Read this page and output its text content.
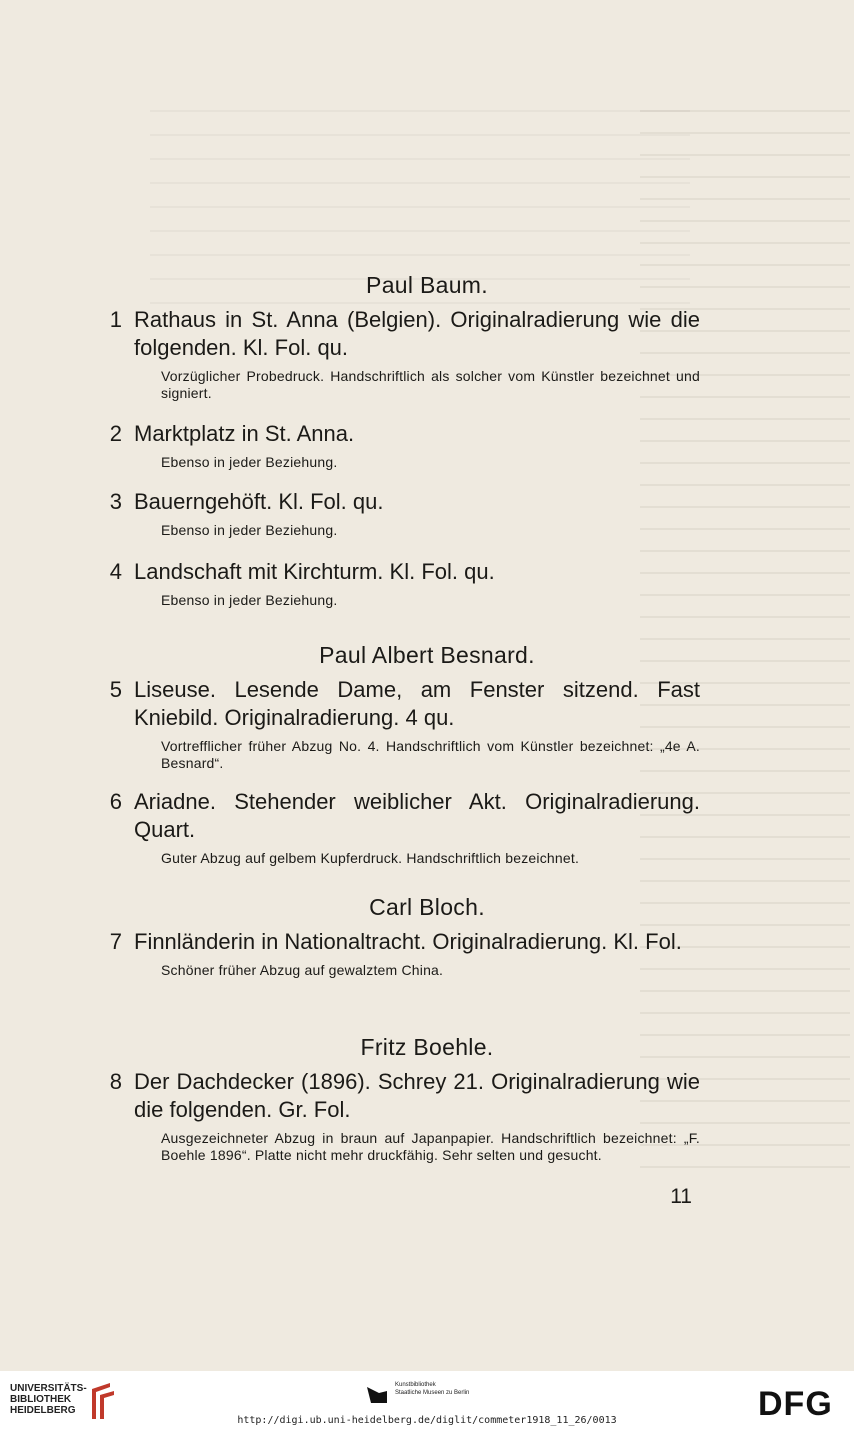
Paul Baum.
1 Rathaus in St. Anna (Belgien). Originalradierung wie die folgenden. Kl. Fol. qu.
Vorzüglicher Probedruck. Handschriftlich als solcher vom Künstler bezeichnet und signiert.
2 Marktplatz in St. Anna.
Ebenso in jeder Beziehung.
3 Bauerngehöft. Kl. Fol. qu.
Ebenso in jeder Beziehung.
4 Landschaft mit Kirchturm. Kl. Fol. qu.
Ebenso in jeder Beziehung.
Paul Albert Besnard.
5 Liseuse. Lesende Dame, am Fenster sitzend. Fast Kniebild. Originalradierung. 4 qu.
Vortrefflicher früher Abzug No. 4. Handschriftlich vom Künstler bezeichnet: „4e A. Besnard“.
6 Ariadne. Stehender weiblicher Akt. Originalradierung. Quart.
Guter Abzug auf gelbem Kupferdruck. Handschriftlich bezeichnet.
Carl Bloch.
7 Finnländerin in Nationaltracht. Originalradierung. Kl. Fol.
Schöner früher Abzug auf gewalztem China.
Fritz Boehle.
8 Der Dachdecker (1896). Schrey 21. Originalradierung wie die folgenden. Gr. Fol.
Ausgezeichneter Abzug in braun auf Japanpapier. Handschriftlich bezeichnet: „F. Boehle 1896“. Platte nicht mehr druckfähig. Sehr selten und gesucht.
11
UNIVERSITÄTS-
BIBLIOTHEK
HEIDELBERG
Kunstbibliothek
Staatliche Museen zu Berlin	DFG
http://digi.ub.uni-heidelberg.de/diglit/commeter1918_11_26/0013
